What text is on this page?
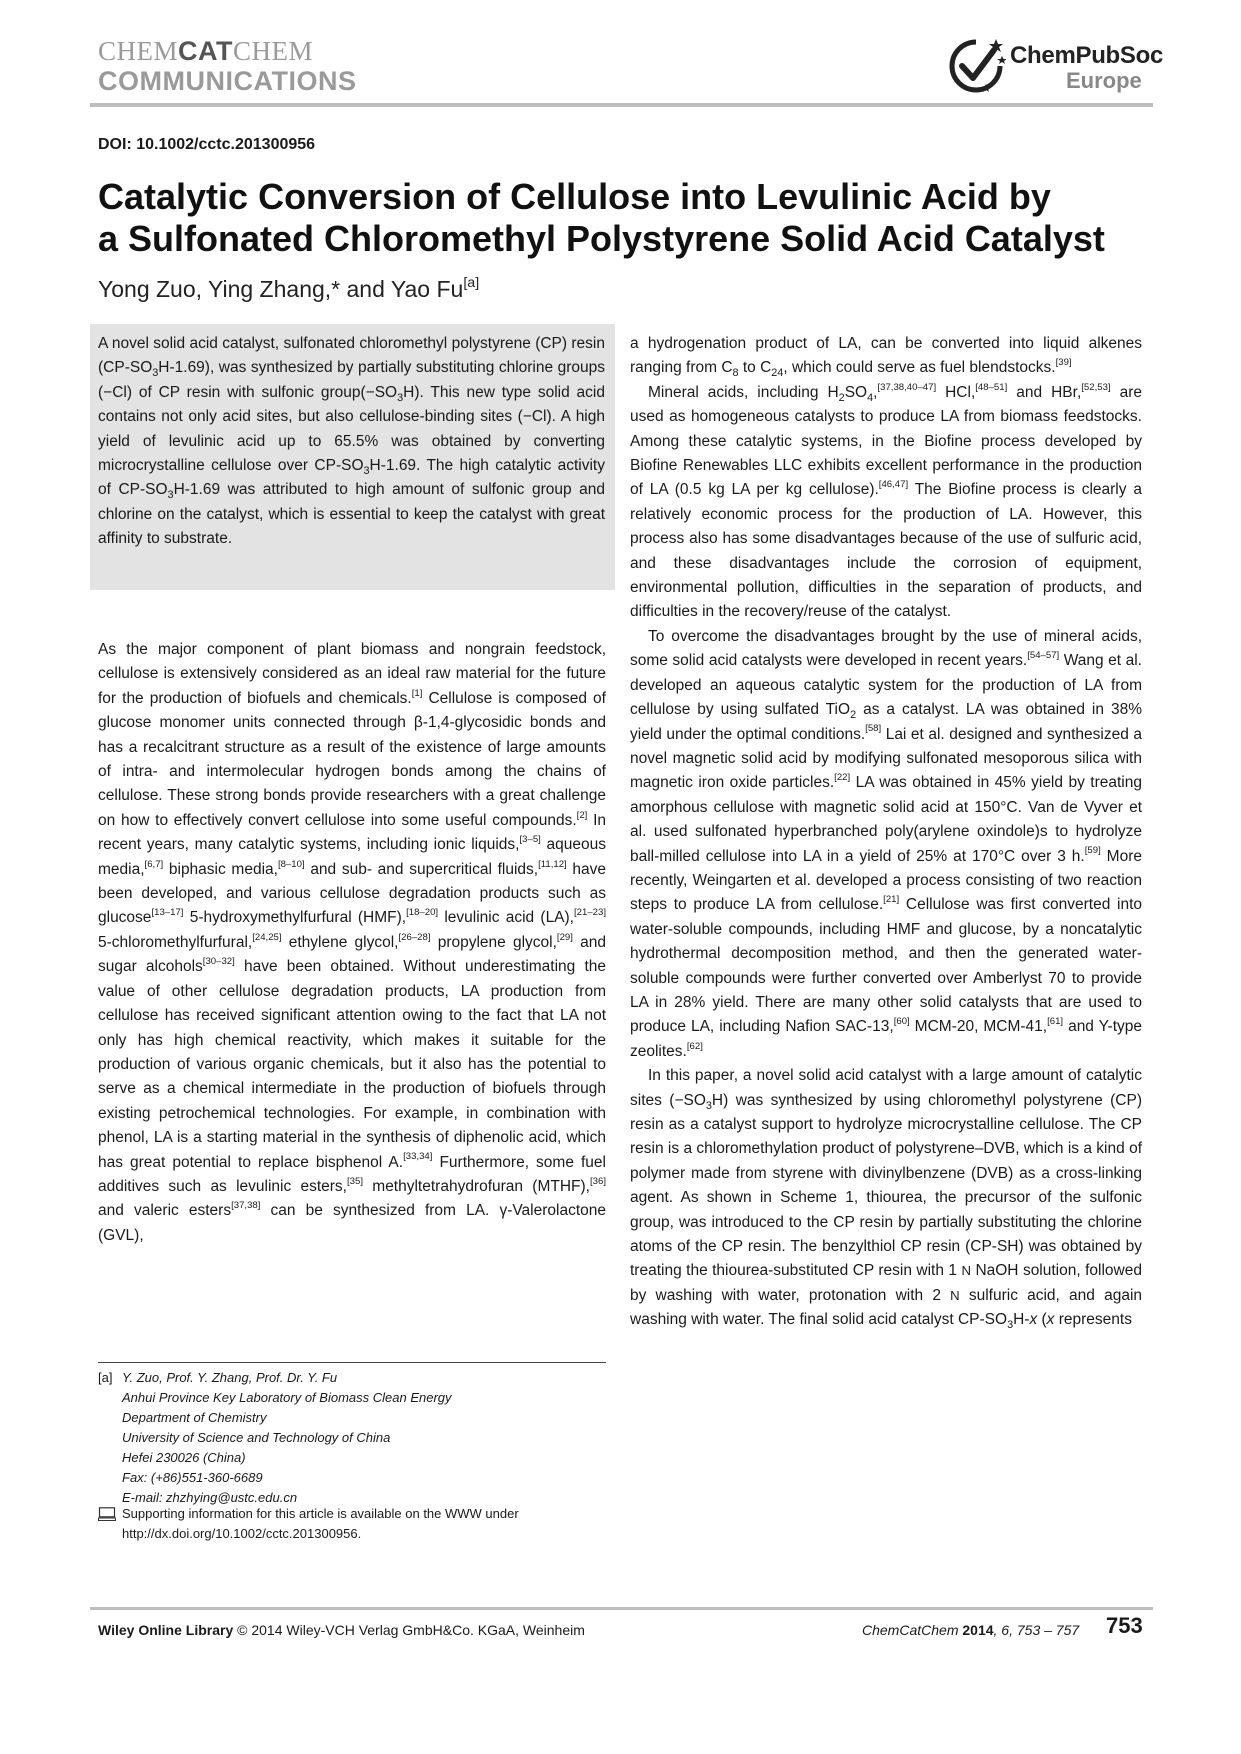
CHEMCATCHEM
COMMUNICATIONS
ChemPubSoc
Europe
DOI: 10.1002/cctc.201300956
Catalytic Conversion of Cellulose into Levulinic Acid by
a Sulfonated Chloromethyl Polystyrene Solid Acid Catalyst
Yong Zuo, Ying Zhang,* and Yao Fu[a]

A novel solid acid catalyst, sulfonated chloromethyl polystyrene (CP) resin $(CP-SO_3H-1.69)$, was synthesized by partially substituting chlorine groups (−Cl) of CP resin with sulfonic $group(-SO_3H)$. This new type solid acid contains not only acid sites, but also cellulose-binding sites (−Cl). A high yield of levulinic acid up to 65.5% was obtained by converting microcrystalline cellulose over $CP-SO_3H-1.69$. The high catalytic activity of $CP-SO_3H-1.69$ was attributed to high amount of sulfonic group and chlorine on the catalyst, which is essential to keep the catalyst with great affinity to substrate.

As the major component of plant biomass and nongrain feedstock, cellulose is extensively considered as an ideal raw material for the future for the production of biofuels and chemicals.[1] Cellulose is composed of glucose monomer units connected through β-1,4-glycosidic bonds and has a recalcitrant structure as a result of the existence of large amounts of intra- and intermolecular hydrogen bonds among the chains of cellulose. These strong bonds provide researchers with a great challenge on how to effectively convert cellulose into some useful compounds.[2] In recent years, many catalytic systems, including ionic liquids,[3–5] aqueous media,[6,7] biphasic media,[8–10] and sub- and supercritical fluids,[11,12] have been developed, and various cellulose degradation products such as glucose[13–17] 5-hydroxymethylfurfural (HMF),[18–20] levulinic acid (LA),[21–23] 5-chloromethylfurfural,[24,25] ethylene glycol,[26–28] propylene glycol,[29] and sugar alcohols[30–32] have been obtained. Without underestimating the value of other cellulose degradation products, LA production from cellulose has received significant attention owing to the fact that LA not only has high chemical reactivity, which makes it suitable for the production of various organic chemicals, but it also has the potential to serve as a chemical intermediate in the production of biofuels through existing petrochemical technologies. For example, in combination with phenol, LA is a starting material in the synthesis of diphenolic acid, which has great potential to replace bisphenol A.[33,34] Furthermore, some fuel additives such as levulinic esters,[35] methyltetrahydrofuran (MTHF),[36] and valeric esters[37,38] can be synthesized from LA. γ-Valerolactone (GVL),

a hydrogenation product of LA, can be converted into liquid alkenes ranging from $C_8$ to $C_{24}$, which could serve as fuel blendstocks.[39]

Mineral acids, including $H_2SO_4,[37,38,40-47]$ HCl,[48–51] and HBr,[52,53] are used as homogeneous catalysts to produce LA from biomass feedstocks. Among these catalytic systems, in the Biofine process developed by Biofine Renewables LLC exhibits excellent performance in the production of LA (0.5 kg LA per kg cellulose).[46,47] The Biofine process is clearly a relatively economic process for the production of LA. However, this process also has some disadvantages because of the use of sulfuric acid, and these disadvantages include the corrosion of equipment, environmental pollution, difficulties in the separation of products, and difficulties in the recovery/reuse of the catalyst.

To overcome the disadvantages brought by the use of mineral acids, some solid acid catalysts were developed in recent years.[54–57] Wang et al. developed an aqueous catalytic system for the production of LA from cellulose by using sulfated TiO$_2$ as a catalyst. LA was obtained in 38% yield under the optimal conditions.[58] Lai et al. designed and synthesized a novel magnetic solid acid by modifying sulfonated mesoporous silica with magnetic iron oxide particles.[22] LA was obtained in 45% yield by treating amorphous cellulose with magnetic solid acid at 150°C. Van de Vyver et al. used sulfonated hyperbranched poly(arylene oxindole)s to hydrolyze ball-milled cellulose into LA in a yield of 25% at 170°C over 3 h.[59] More recently, Weingarten et al. developed a process consisting of two reaction steps to produce LA from cellulose.[21] Cellulose was first converted into water-soluble compounds, including HMF and glucose, by a noncatalytic hydrothermal decomposition method, and then the generated water-soluble compounds were further converted over Amberlyst 70 to provide LA in 28% yield. There are many other solid catalysts that are used to produce LA, including Nafion SAC-13,[60] MCM-20, MCM-41,[61] and Y-type zeolites.[62]

In this paper, a novel solid acid catalyst with a large amount of catalytic sites $(-SO_3H)$ was synthesized by using chloromethyl polystyrene (CP) resin as a catalyst support to hydrolyze microcrystalline cellulose. The CP resin is a chloromethylation product of polystyrene–DVB, which is a kind of polymer made from styrene with divinylbenzene (DVB) as a cross-linking agent. As shown in Scheme 1, thiourea, the precursor of the sulfonic group, was introduced to the CP resin by partially substituting the chlorine atoms of the CP resin. The benzylthiol CP resin (CP-SH) was obtained by treating the thiourea-substituted CP resin with 1 N NaOH solution, followed by washing with water, protonation with 2 N sulfuric acid, and again washing with water. The final solid acid catalyst $CP-SO_3H-x$ (x represents

[a] Y. Zuo, Prof. Y. Zhang, Prof. Dr. Y. Fu
Anhui Province Key Laboratory of Biomass Clean Energy
Department of Chemistry
University of Science and Technology of China
Hefei 230026 (China)
Fax: (+86)551-360-6689
E-mail: zhzhying@ustc.edu.cn
Supporting information for this article is available on the WWW under http://dx.doi.org/10.1002/cctc.201300956.
Wiley Online Library © 2014 Wiley-VCH Verlag GmbH&Co. KGaA, Weinheim	ChemCatChem 2014, 6, 753 – 757 753
